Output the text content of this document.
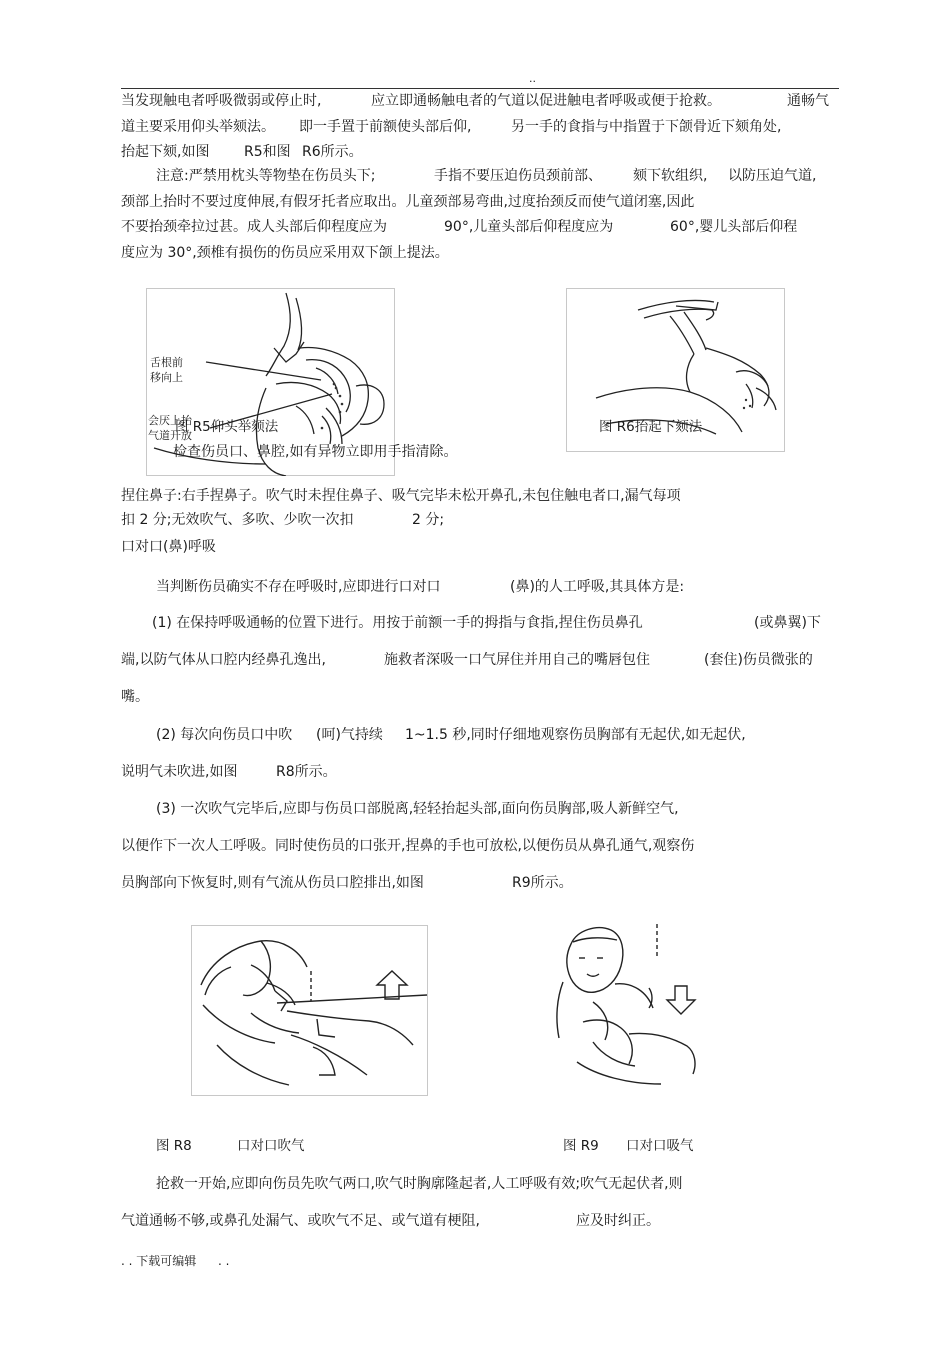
..
当发现触电者呼吸微弱或停止时,	应立即通畅触电者的气道以促进触电者呼吸或便于抢救。	通畅气
道主要采用仰头举颏法。 即一手置于前额使头部后仰,	另一手的食指与中指置于下颌骨近下颏角处,
抬起下颏,如图 R5和图 R6所示。
注意:严禁用枕头等物垫在伤员头下;	手指不要压迫伤员颈前部、 颏下软组织, 以防压迫气道,
颈部上抬时不要过度伸展,有假牙托者应取出。儿童颈部易弯曲,过度抬颈反而使气道闭塞,因此
不要抬颈牵拉过甚。成人头部后仰程度应为	90°,儿童头部后仰程度应为	60°,婴儿头部后仰程
度应为 30°,颈椎有损伤的伤员应采用双下颌上提法。
舌根前
移向上
会厌上抬
气道开放
图 R5仰头举颏法
检查伤员口、鼻腔,如有异物立即用手指清除。
图 R6抬起下颏法
捏住鼻子:右手捏鼻子。吹气时未捏住鼻子、吸气完毕未松开鼻孔,未包住触电者口,漏气每项
扣 2 分;无效吹气、多吹、少吹一次扣	2 分;
口对口(鼻)呼吸
当判断伤员确实不存在呼吸时,应即进行口对口	(鼻)的人工呼吸,其具体方是:
(1) 在保持呼吸通畅的位置下进行。用按于前额一手的拇指与食指,捏住伤员鼻孔	(或鼻翼)下
端,以防气体从口腔内经鼻孔逸出,	施救者深吸一口气屏住并用自己的嘴唇包住	(套住)伤员微张的
嘴。
(2) 每次向伤员口中吹 (呵)气持续 1~1.5 秒,同时仔细地观察伤员胸部有无起伏,如无起伏,
说明气未吹进,如图	R8所示。
(3) 一次吹气完毕后,应即与伤员口部脱离,轻轻抬起头部,面向伤员胸部,吸人新鲜空气,
以便作下一次人工呼吸。同时使伤员的口张开,捏鼻的手也可放松,以便伤员从鼻孔通气,观察伤
员胸部向下恢复时,则有气流从伤员口腔排出,如图	R9所示。
图 R8	口对口吹气	图 R9 口对口吸气
抢救一开始,应即向伤员先吹气两口,吹气时胸廓隆起者,人工呼吸有效;吹气无起伏者,则
气道通畅不够,或鼻孔处漏气、或吹气不足、或气道有梗阻,	应及时纠正。
. . 下载可编辑 . .
